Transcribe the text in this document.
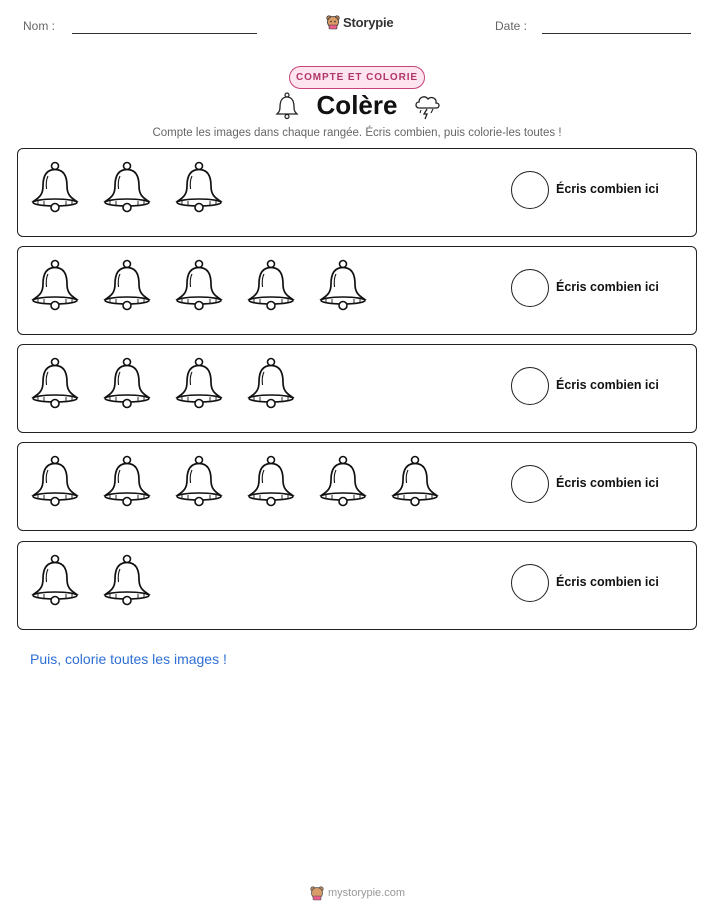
Nom :	Storypie	Date :
COMPTE ET COLORIE
Colère
Compte les images dans chaque rangée. Écris combien, puis colorie-les toutes !
Écris combien ici
Écris combien ici
Écris combien ici
Écris combien ici
Écris combien ici
Puis, colorie toutes les images !
mystorypie.com
